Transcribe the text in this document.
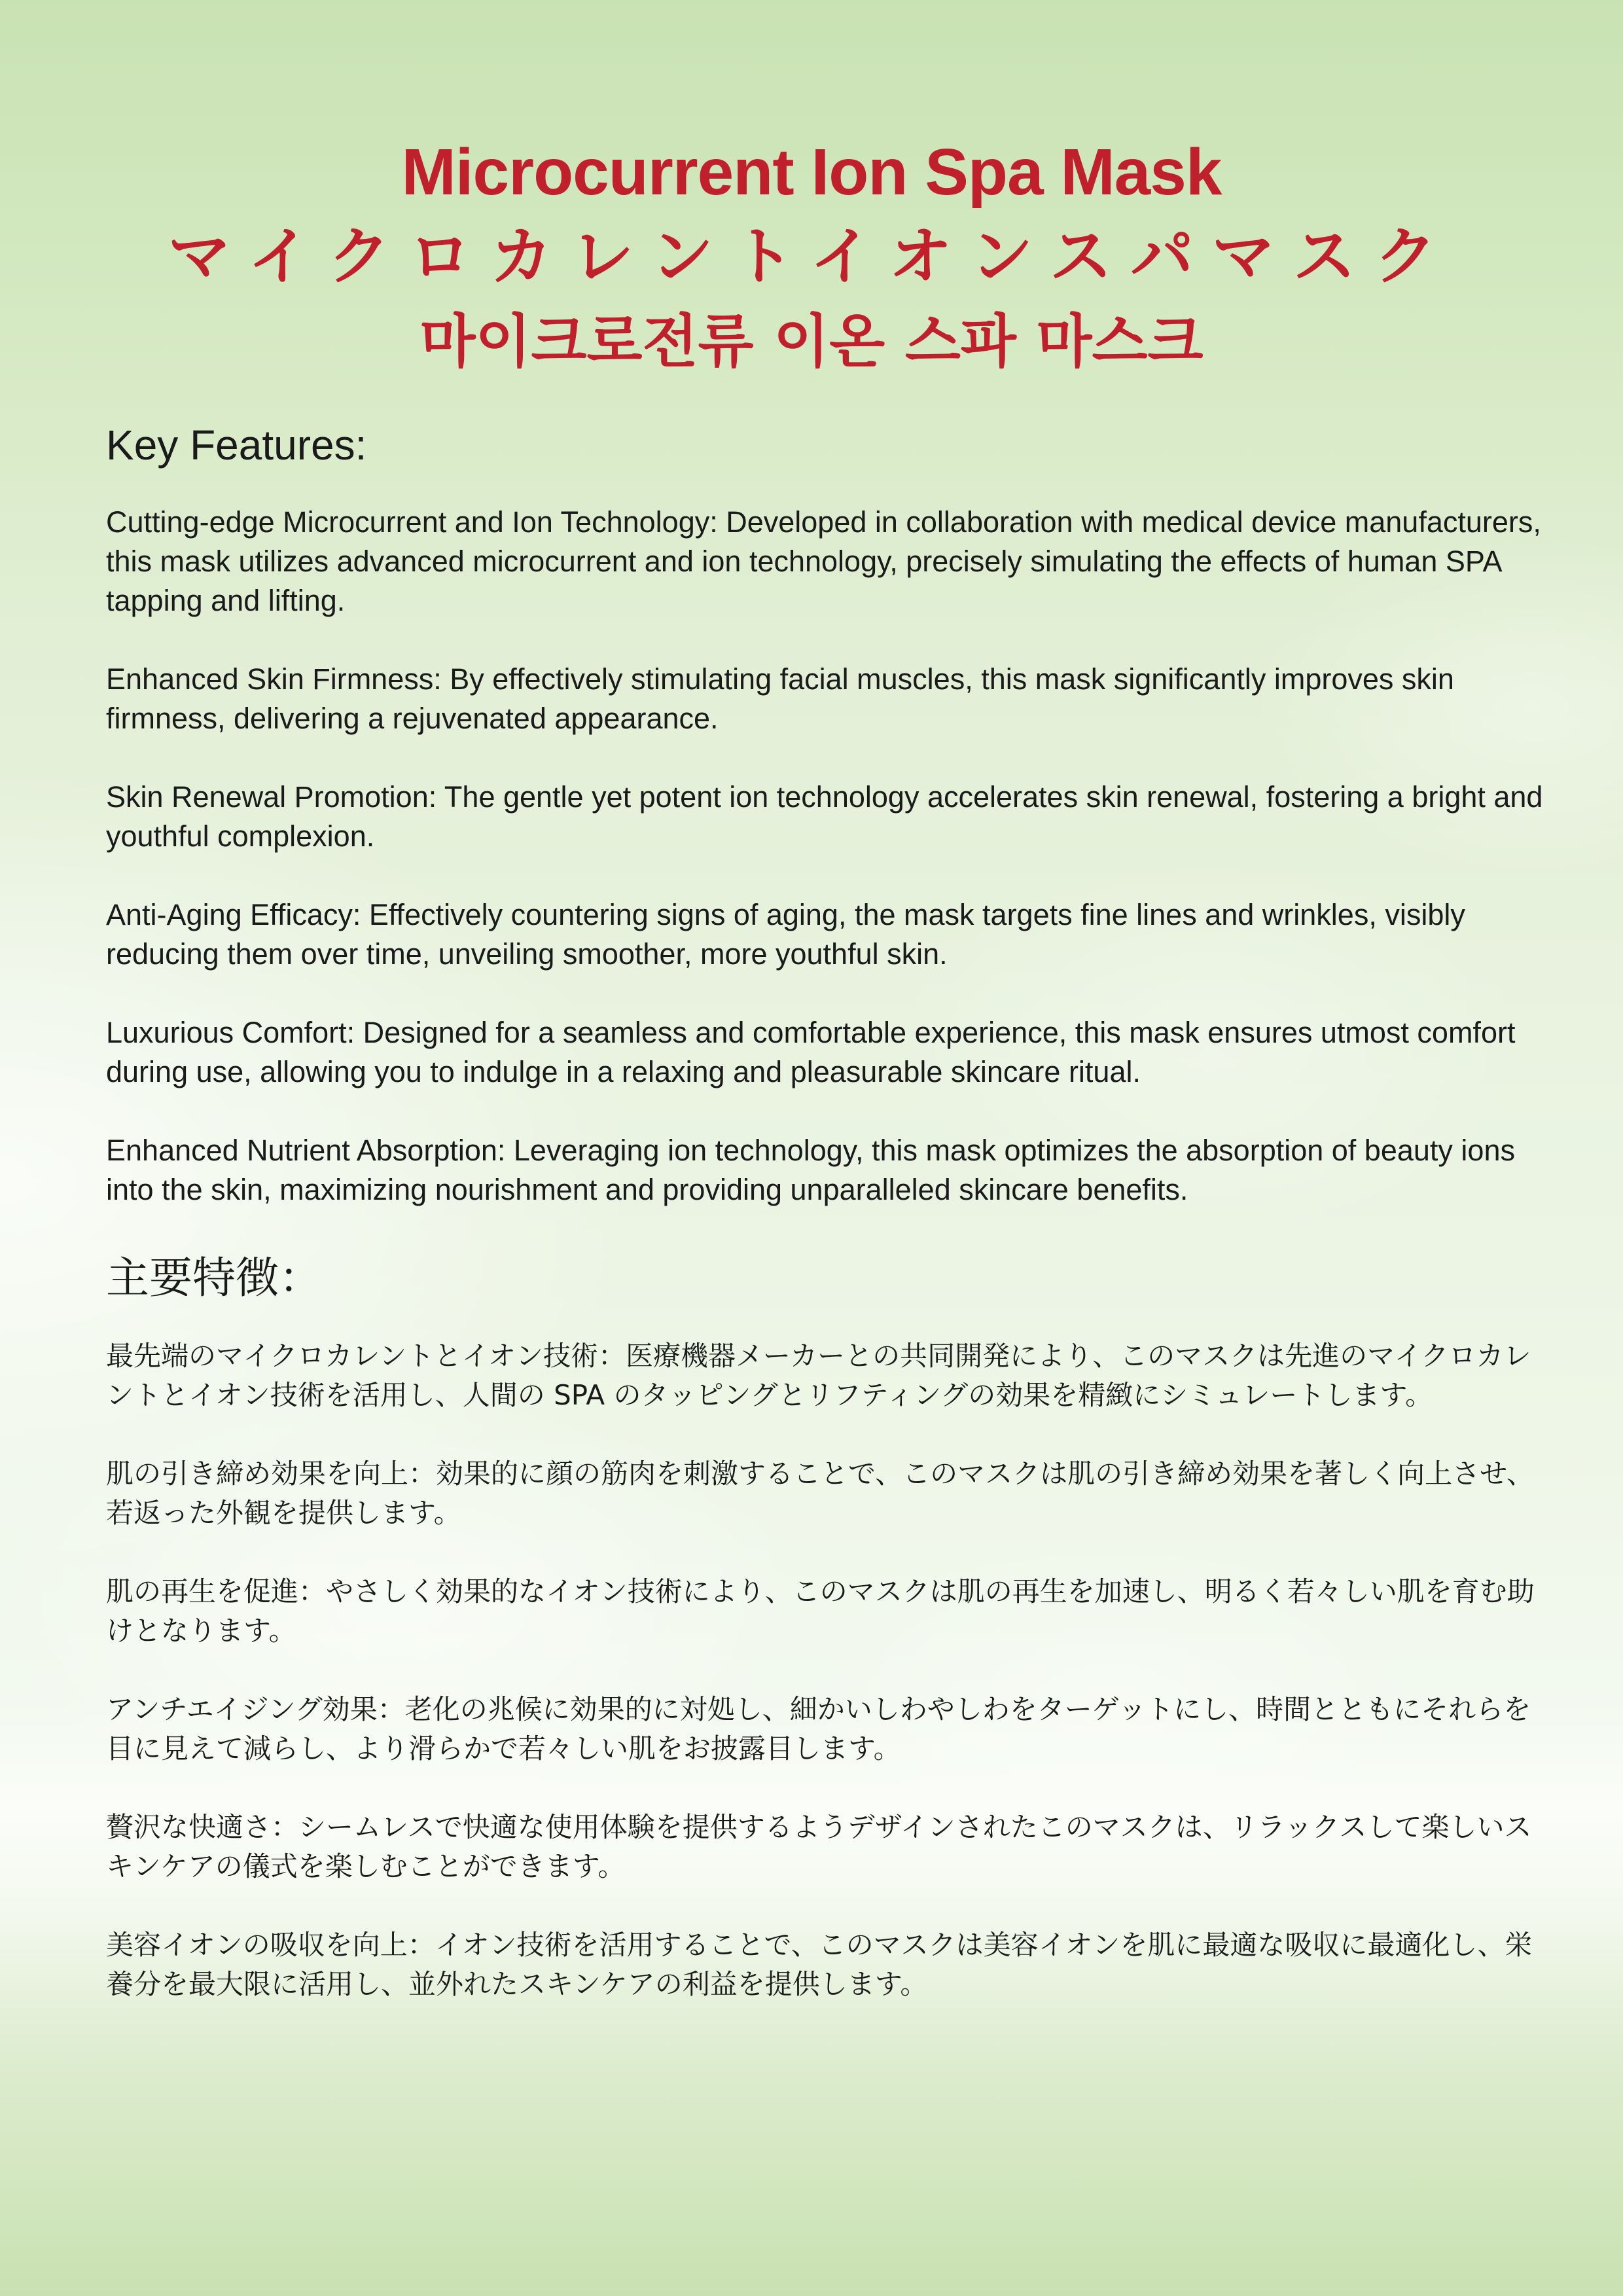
Microcurrent Ion Spa Mask
マイクロカレントイオンスパマスク
마이크로전류 이온 스파 마스크
Key Features:

Cutting-edge Microcurrent and Ion Technology: Developed in collaboration with medical device manufacturers, this mask utilizes advanced microcurrent and ion technology, precisely simulating the effects of human SPA tapping and lifting.

Enhanced Skin Firmness: By effectively stimulating facial muscles, this mask significantly improves skin firmness, delivering a rejuvenated appearance.

Skin Renewal Promotion: The gentle yet potent ion technology accelerates skin renewal, fostering a bright and youthful complexion.

Anti-Aging Efficacy: Effectively countering signs of aging, the mask targets fine lines and wrinkles, visibly reducing them over time, unveiling smoother, more youthful skin.

Luxurious Comfort: Designed for a seamless and comfortable experience, this mask ensures utmost comfort during use, allowing you to indulge in a relaxing and pleasurable skincare ritual.

Enhanced Nutrient Absorption: Leveraging ion technology, this mask optimizes the absorption of beauty ions into the skin, maximizing nourishment and providing unparalleled skincare benefits.

主要特徴：

最先端のマイクロカレントとイオン技術：医療機器メーカーとの共同開発により、このマスクは先進のマイクロカレントとイオン技術を活用し、人間の SPA のタッピングとリフティングの効果を精緻にシミュレートします。

肌の引き締め効果を向上：効果的に顔の筋肉を刺激することで、このマスクは肌の引き締め効果を著しく向上させ、若返った外観を提供します。

肌の再生を促進：やさしく効果的なイオン技術により、このマスクは肌の再生を加速し、明るく若々しい肌を育む助けとなります。

アンチエイジング効果：老化の兆候に効果的に対処し、細かいしわやしわをターゲットにし、時間とともにそれらを目に見えて減らし、より滑らかで若々しい肌をお披露目します。

贅沢な快適さ：シームレスで快適な使用体験を提供するようデザインされたこのマスクは、リラックスして楽しいスキンケアの儀式を楽しむことができます。

美容イオンの吸収を向上：イオン技術を活用することで、このマスクは美容イオンを肌に最適な吸収に最適化し、栄養分を最大限に活用し、並外れたスキンケアの利益を提供します。
